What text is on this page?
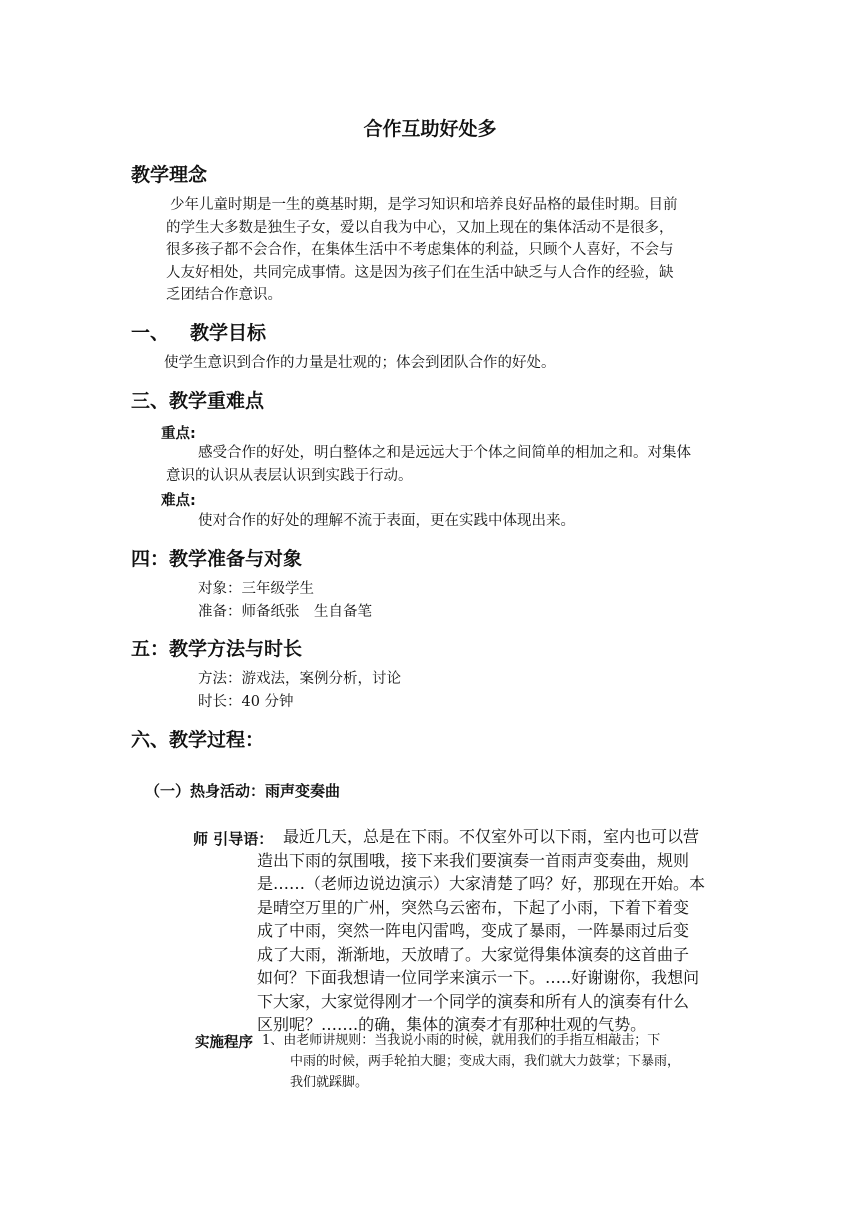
合作互助好处多
教学理念
少年儿童时期是一生的奠基时期，是学习知识和培养良好品格的最佳时期。目前
的学生大多数是独生子女，爱以自我为中心，又加上现在的集体活动不是很多，
很多孩子都不会合作，在集体生活中不考虑集体的利益，只顾个人喜好，不会与
人友好相处，共同完成事情。这是因为孩子们在生活中缺乏与人合作的经验，缺
乏团结合作意识。
一、 教学目标
使学生意识到合作的力量是壮观的；体会到团队合作的好处。
三、教学重难点
重点:
感受合作的好处，明白整体之和是远远大于个体之间简单的相加之和。对集体
意识的认识从表层认识到实践于行动。
难点:
使对合作的好处的理解不流于表面，更在实践中体现出来。
四：教学准备与对象
对象：三年级学生
准备：师备纸张　生自备笔
五：教学方法与时长
方法：游戏法，案例分析，讨论
时长：40 分钟
六、教学过程：
（一）热身活动：雨声变奏曲
师 引导语： 最近几天，总是在下雨。不仅室外可以下雨，室内也可以营
造出下雨的氛围哦，接下来我们要演奏一首雨声变奏曲，规则
是……（老师边说边演示）大家清楚了吗？好，那现在开始。本
是晴空万里的广州，突然乌云密布，下起了小雨，下着下着变
成了中雨，突然一阵电闪雷鸣，变成了暴雨，一阵暴雨过后变
成了大雨，渐渐地，天放晴了。大家觉得集体演奏的这首曲子
如何？下面我想请一位同学来演示一下。…..好谢谢你，我想问
下大家，大家觉得刚才一个同学的演奏和所有人的演奏有什么
区别呢？…….的确，集体的演奏才有那种壮观的气势。
实施程序 1、由老师讲规则：当我说小雨的时候，就用我们的手指互相敲击；下
中雨的时候，两手轮拍大腿；变成大雨，我们就大力鼓掌；下暴雨，
我们就踩脚。
